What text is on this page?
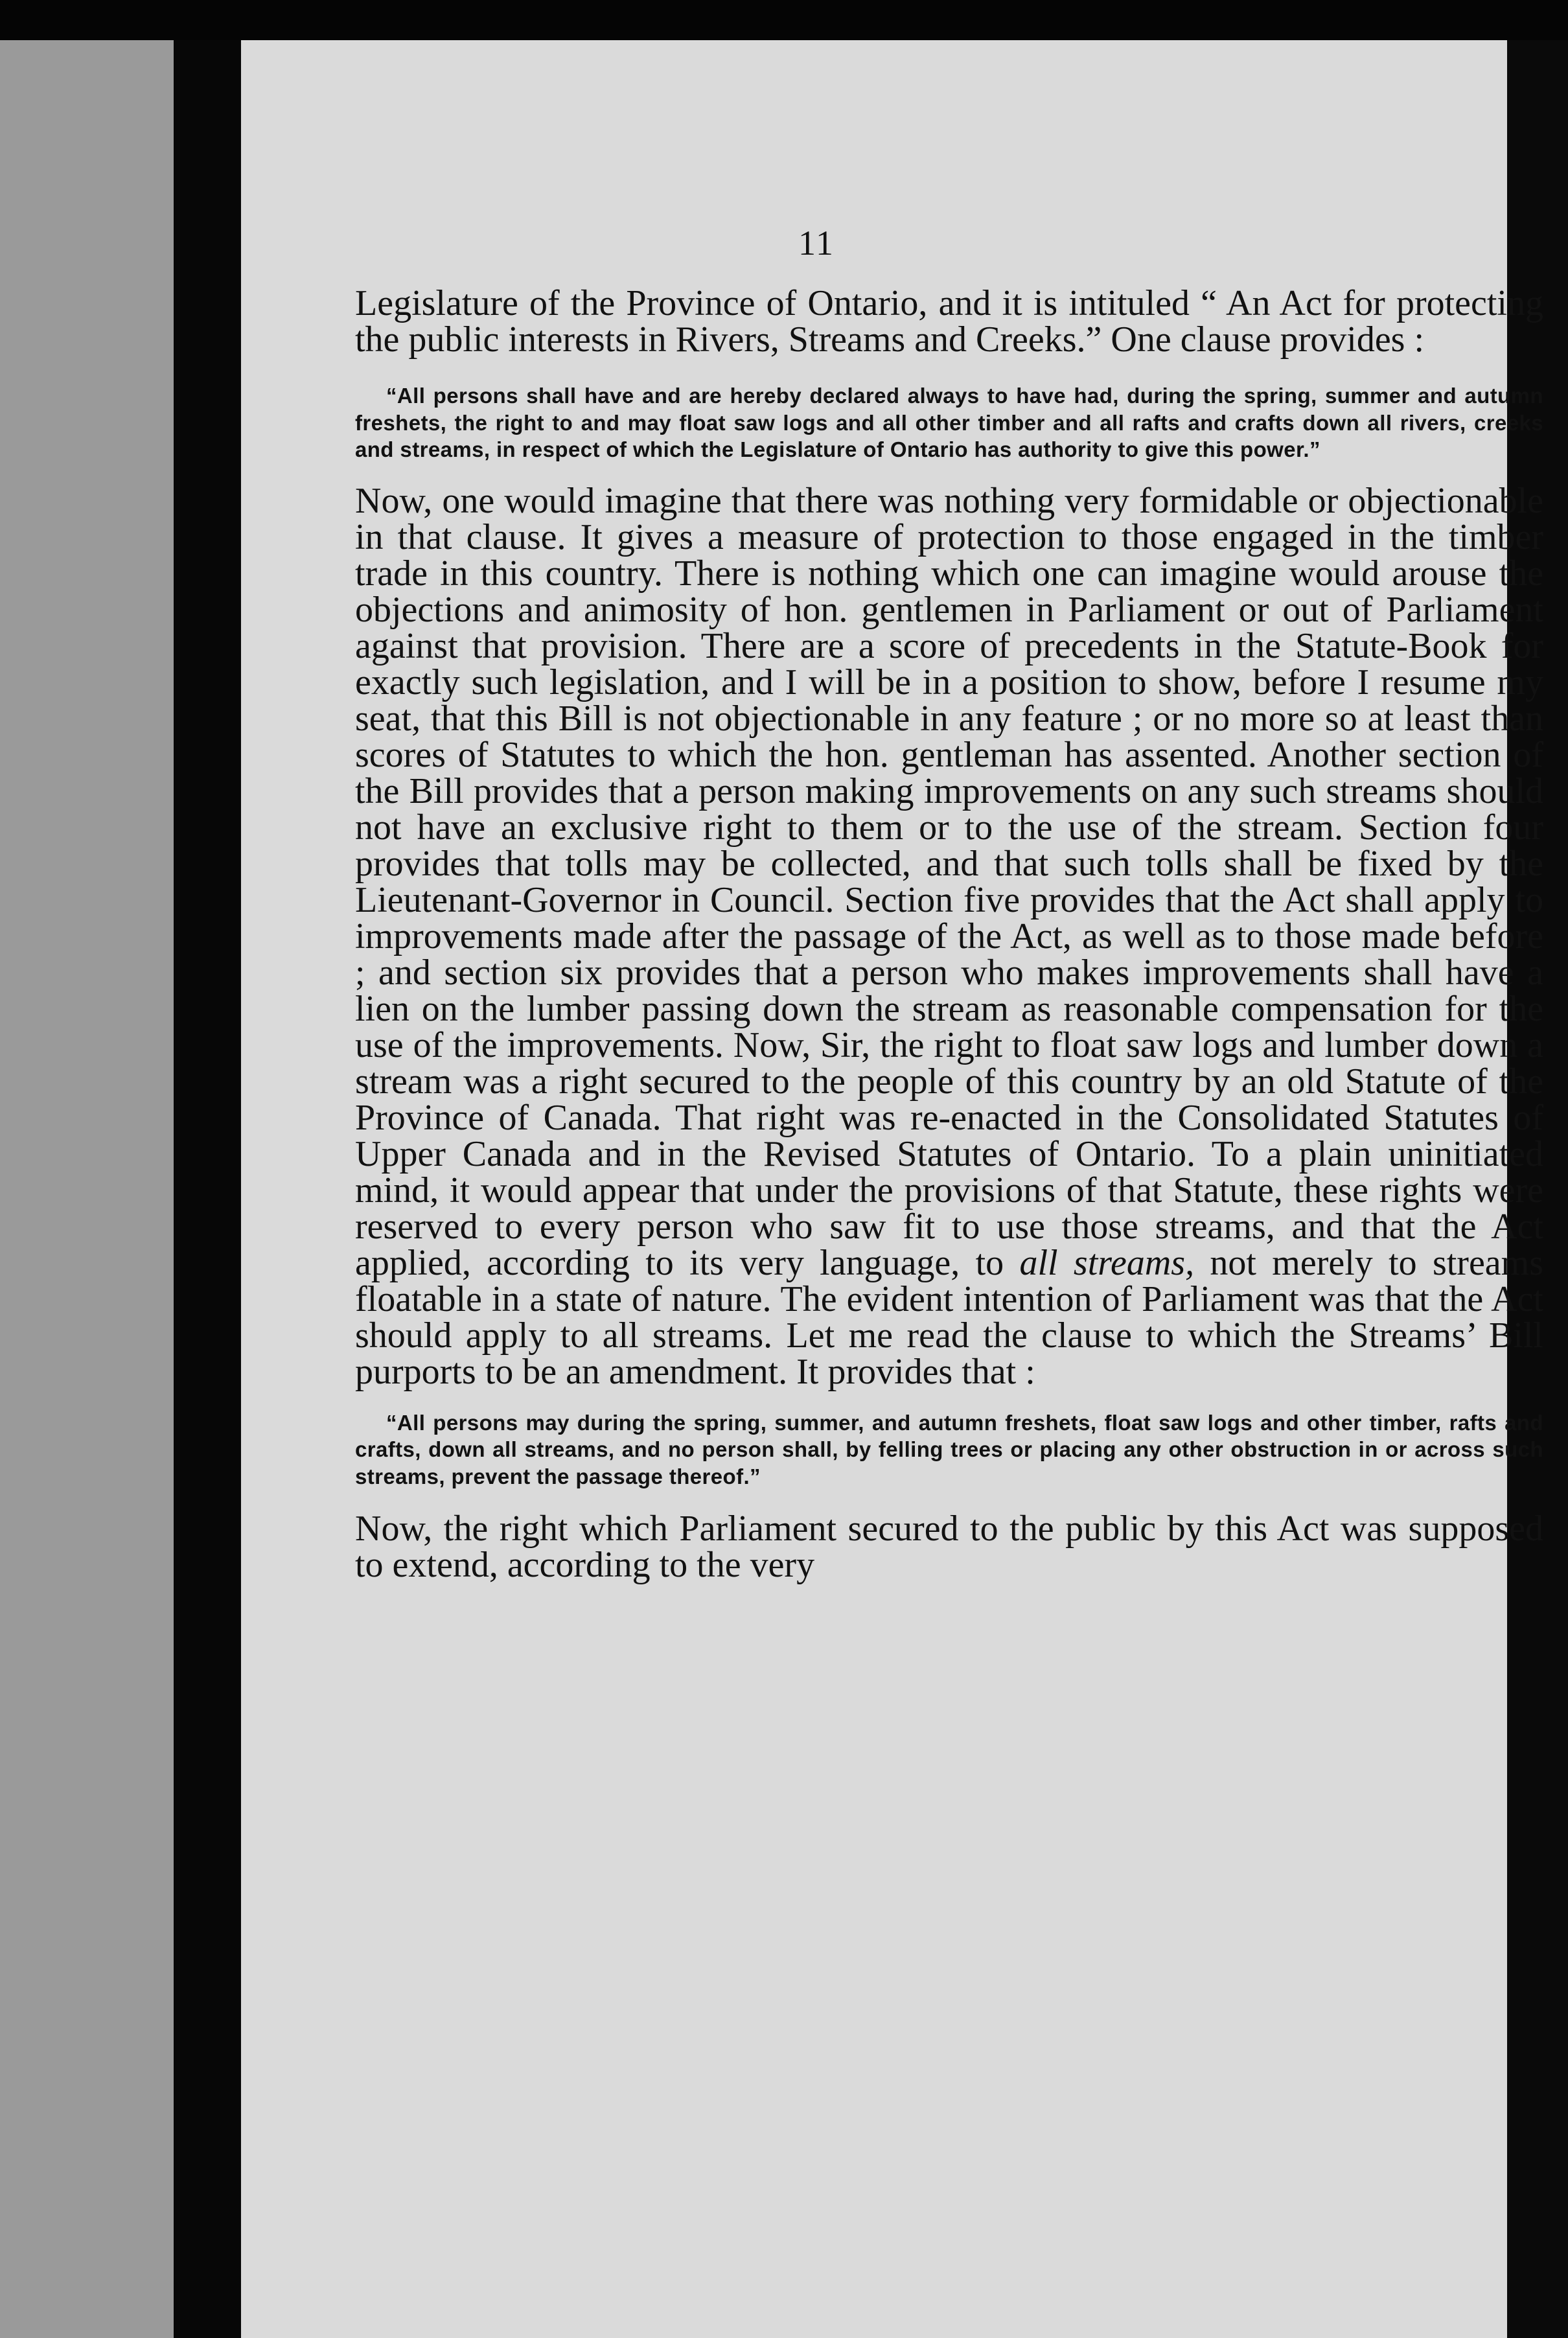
11

Legislature of the Province of Ontario, and it is intituled “ An Act for protecting the public interests in Rivers, Streams and Creeks.” One clause provides :

“All persons shall have and are hereby declared always to have had, during the spring, summer and autumn freshets, the right to and may float saw logs and all other timber and all rafts and crafts down all rivers, creeks and streams, in respect of which the Legislature of Ontario has authority to give this power.”

Now, one would imagine that there was nothing very formidable or objectionable in that clause. It gives a measure of protection to those engaged in the timber trade in this country. There is nothing which one can imagine would arouse the objections and animosity of hon. gentlemen in Parliament or out of Parliament against that provision. There are a score of precedents in the Statute-Book for exactly such legislation, and I will be in a position to show, before I resume my seat, that this Bill is not objectionable in any feature ; or no more so at least than scores of Statutes to which the hon. gentleman has assented. Another section of the Bill provides that a person making improvements on any such streams should not have an exclusive right to them or to the use of the stream. Section four provides that tolls may be collected, and that such tolls shall be fixed by the Lieutenant-Governor in Council. Section five provides that the Act shall apply to improvements made after the passage of the Act, as well as to those made before ; and section six provides that a person who makes improvements shall have a lien on the lumber passing down the stream as reasonable compensation for the use of the improvements. Now, Sir, the right to float saw logs and lumber down a stream was a right secured to the people of this country by an old Statute of the Province of Canada. That right was re-enacted in the Consolidated Statutes of Upper Canada and in the Revised Statutes of Ontario. To a plain uninitiated mind, it would appear that under the provisions of that Statute, these rights were reserved to every person who saw fit to use those streams, and that the Act applied, according to its very language, to all streams, not merely to streams floatable in a state of nature. The evident intention of Parliament was that the Act should apply to all streams. Let me read the clause to which the Streams’ Bill purports to be an amendment. It provides that :

“All persons may during the spring, summer, and autumn freshets, float saw logs and other timber, rafts and crafts, down all streams, and no person shall, by felling trees or placing any other obstruction in or across such streams, prevent the passage thereof.”

Now, the right which Parliament secured to the public by this Act was supposed to extend, according to the very
